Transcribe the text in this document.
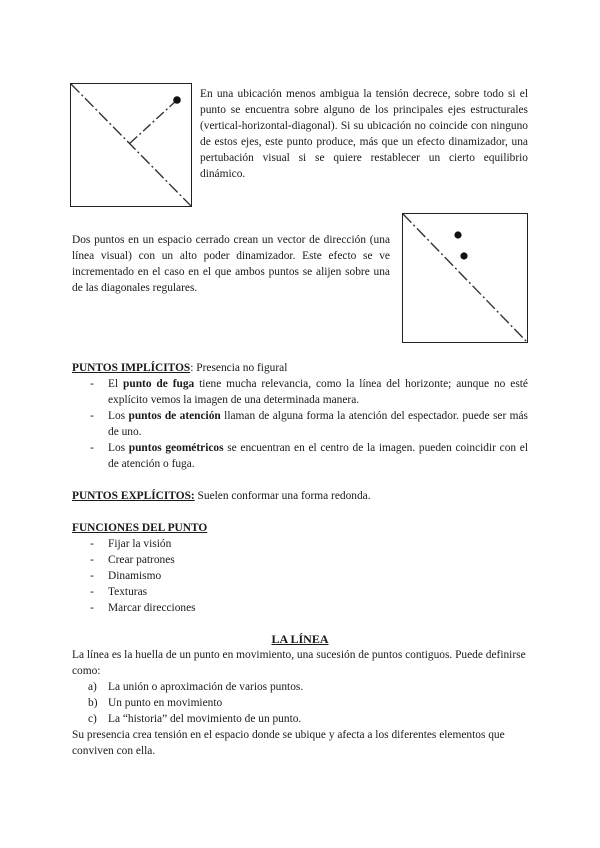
En una ubicación menos ambigua la tensión decrece, sobre todo si el punto se encuentra sobre alguno de los principales ejes estructurales (vertical-horizontal-diagonal). Si su ubicación no coincide con ninguno de estos ejes, este punto produce, más que un efecto dinamizador, una pertubación visual si se quiere restablecer un cierto equilibrio dinámico.
Dos puntos en un espacio cerrado crean un vector de dirección (una línea visual) con un alto poder dinamizador. Este efecto se ve incrementado en el caso en el que ambos puntos se alijen sobre una de las diagonales regulares.
PUNTOS IMPLÍCITOS: Presencia no figural
- El punto de fuga tiene mucha relevancia, como la línea del horizonte; aunque no esté explícito vemos la imagen de una determinada manera.
- Los puntos de atención llaman de alguna forma la atención del espectador. puede ser más de uno.
- Los puntos geométricos se encuentran en el centro de la imagen. pueden coincidir con el de atención o fuga.
PUNTOS EXPLÍCITOS: Suelen conformar una forma redonda.
FUNCIONES DEL PUNTO
- Fijar la visión
- Crear patrones
- Dinamismo
- Texturas
- Marcar direcciones
LA LÍNEA
La línea es la huella de un punto en movimiento, una sucesión de puntos contiguos. Puede definirse como:
a) La unión o aproximación de varios puntos.
b) Un punto en movimiento
c) La “historia” del movimiento de un punto.
Su presencia crea tensión en el espacio donde se ubique y afecta a los diferentes elementos que conviven con ella.
